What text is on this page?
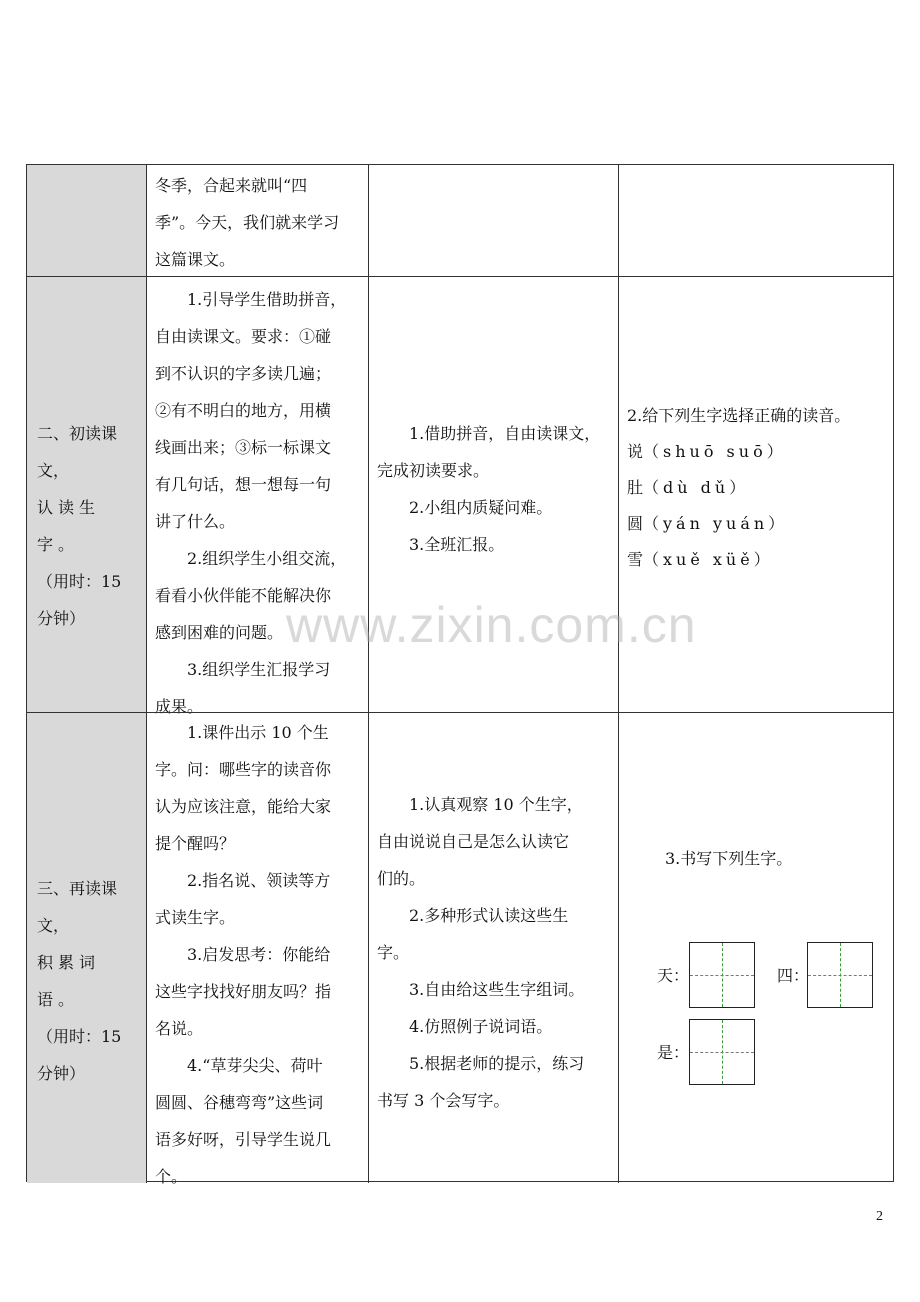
冬季，合起来就叫“四

季”。今天，我们就来学习

这篇课文。

二、初读课文，

认读生字。

（用时：15

分钟）

1.引导学生借助拼音，

自由读课文。要求：①碰

到不认识的字多读几遍；

②有不明白的地方，用横

线画出来；③标一标课文

有几句话，想一想每一句

讲了什么。

2.组织学生小组交流，

看看小伙伴能不能解决你

感到困难的问题。

3.组织学生汇报学习

成果。

1.借助拼音，自由读课文，

完成初读要求。

2.小组内质疑问难。

3.全班汇报。

2.给下列生字选择正确的读音。

说（shuō suō）

肚（dù dǔ）

圆（yán yuán）

雪（xuě xüě）

三、再读课文，

积累词语。

（用时：15

分钟）

1.课件出示 10 个生

字。问：哪些字的读音你

认为应该注意，能给大家

提个醒吗？

2.指名说、领读等方

式读生字。

3.启发思考：你能给

这些字找找好朋友吗？指

名说。

4.“草芽尖尖、荷叶

圆圆、谷穗弯弯”这些词

语多好呀，引导学生说几

个。

1.认真观察 10 个生字，

自由说说自己是怎么认读它

们的。

2.多种形式认读这些生

字。

3.自由给这些生字组词。

4.仿照例子说词语。

5.根据老师的提示，练习

书写 3 个会写字。

3.书写下列生字。

天：	四：
是：
www.zixin.com.cn
2
